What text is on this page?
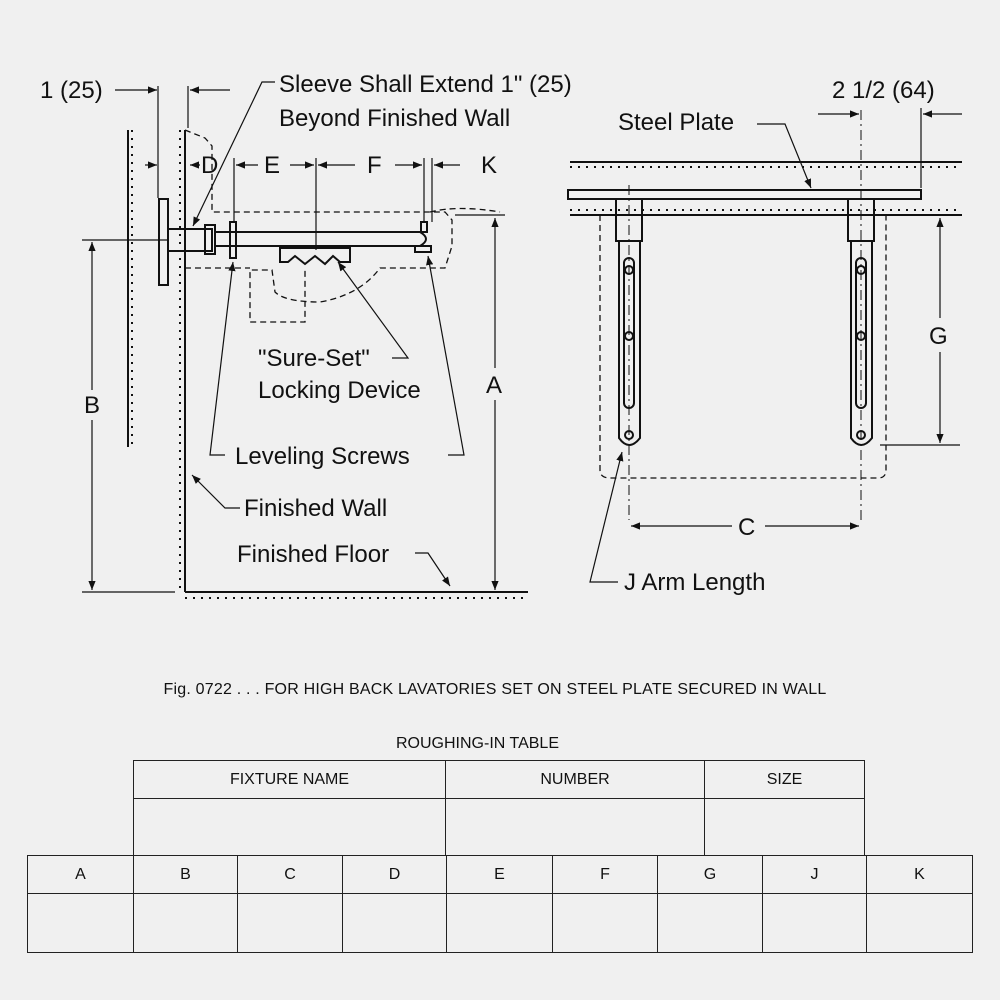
1 (25)	Sleeve Shall Extend 1" (25)
Beyond Finished Wall
D E	F	K
"Sure-Set"
Locking Device
B
A
Leveling Screws
Finished Wall
Finished Floor
2 1/2 (64)
Steel Plate
G
C
J Arm Length
Fig. 0722 . . . FOR HIGH BACK LAVATORIES SET ON STEEL PLATE SECURED IN WALL
ROUGHING-IN TABLE
FIXTURE NAME	NUMBER	SIZE

A	B	C	D	E	F	G	J	K
